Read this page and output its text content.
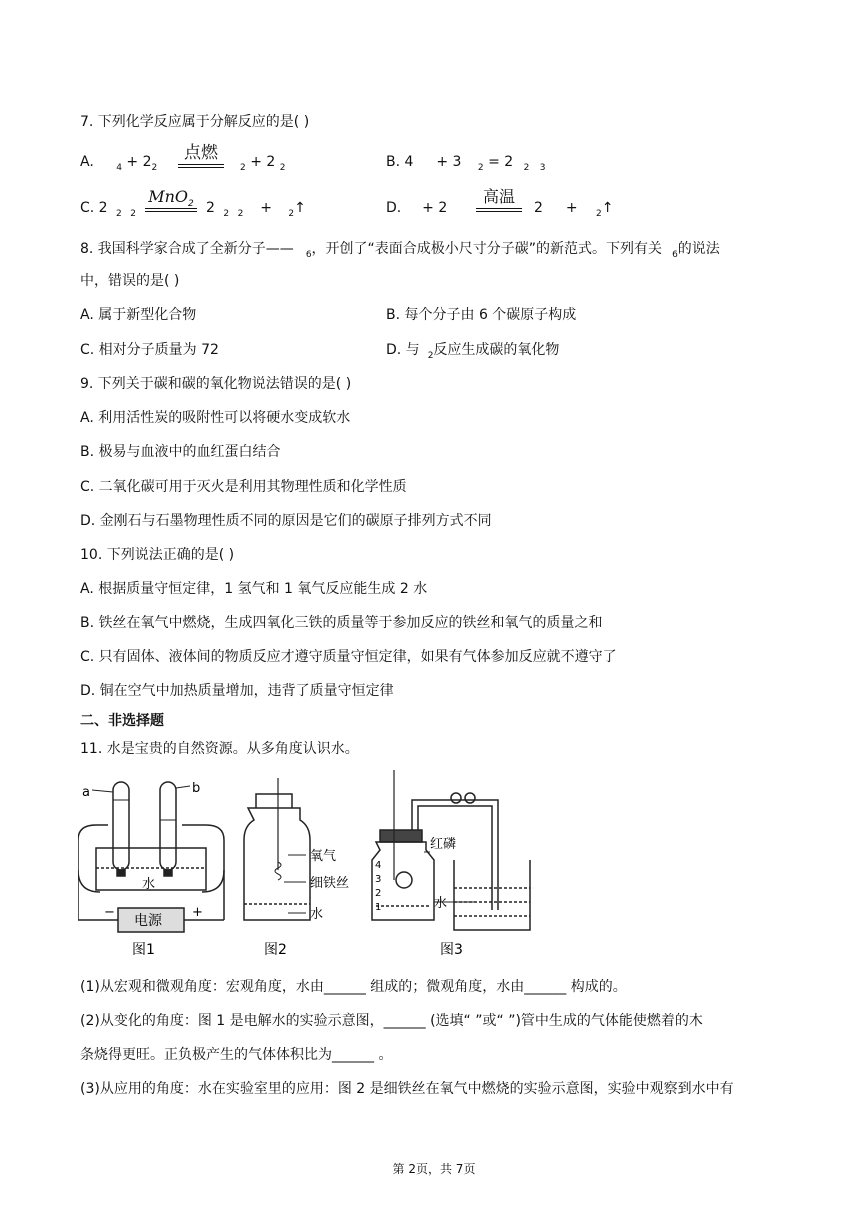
7. 下列化学反应属于分解反应的是( )
A. $_4 + 2_2$
点燃
$_2$ + 2 $_2$	B. 4 + 3 $_2$ = 2 $_2$ $_3$
C. 2 $_2$ $_2$
MnO$_2$ 2 $_2$ $_2$ + $_2$↑	D. + 2
高温
2 + $_2$↑
8. 我国科学家合成了全新分子—— $_6$，开创了“表面合成极小尺寸分子碳”的新范式。下列有关 $_6$的说法
中，错误的是( )
A. 属于新型化合物	B. 每个分子由 6 个碳原子构成
C. 相对分子质量为 72	D. 与 $_2$反应生成碳的氧化物
9. 下列关于碳和碳的氧化物说法错误的是( )
A. 利用活性炭的吸附性可以将硬水变成软水
B. 极易与血液中的血红蛋白结合
C. 二氧化碳可用于灭火是利用其物理性质和化学性质
D. 金刚石与石墨物理性质不同的原因是它们的碳原子排列方式不同
10. 下列说法正确的是( )
A. 根据质量守恒定律，1 氢气和 1 氧气反应能生成 2 水
B. 铁丝在氧气中燃烧，生成四氧化三铁的质量等于参加反应的铁丝和氧气的质量之和
C. 只有固体、液体间的物质反应才遵守质量守恒定律，如果有气体参加反应就不遵守了
D. 铜在空气中加热质量增加，违背了质量守恒定律
二、非选择题
11. 水是宝贵的自然资源。从多角度认识水。
a	b
水
电源
−	+
图1
氧气
细铁丝
水
图2
红磷
水
4
3
2
1
图3
(1)从宏观和微观角度：宏观角度，水由______ 组成的；微观角度，水由______ 构成的。
(2)从变化的角度：图 1 是电解水的实验示意图，______ (选填“ ”或“ ”)管中生成的气体能使燃着的木
条烧得更旺。正负极产生的气体体积比为______ 。
(3)从应用的角度：水在实验室里的应用：图 2 是细铁丝在氧气中燃烧的实验示意图，实验中观察到水中有
第 2页，共 7页
